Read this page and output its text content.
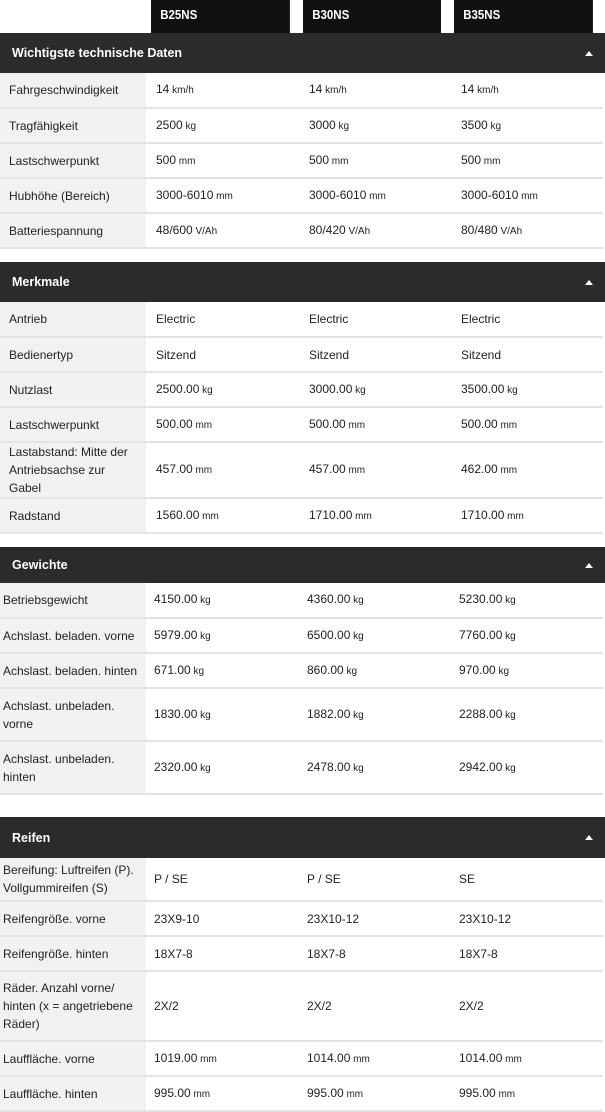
B25NS	B30NS	B35NS
Wichtigste technische Daten
Fahrgeschwindigkeit	14 km/h	14 km/h	14 km/h
Tragfähigkeit	2500 kg	3000 kg	3500 kg
Lastschwerpunkt	500 mm	500 mm	500 mm
Hubhöhe (Bereich)	3000-6010 mm	3000-6010 mm	3000-6010 mm
Batteriespannung	48/600 V/Ah	80/420 V/Ah	80/480 V/Ah
Merkmale
Antrieb	Electric	Electric	Electric
Bedienertyp	Sitzend	Sitzend	Sitzend
Nutzlast	2500.00 kg	3000.00 kg	3500.00 kg
Lastschwerpunkt	500.00 mm	500.00 mm	500.00 mm
Lastabstand: Mitte der Antriebsachse zur Gabel	457.00 mm	457.00 mm	462.00 mm
Radstand	1560.00 mm	1710.00 mm	1710.00 mm
Gewichte
Betriebsgewicht	4150.00 kg	4360.00 kg	5230.00 kg
Achslast. beladen. vorne	5979.00 kg	6500.00 kg	7760.00 kg
Achslast. beladen. hinten	671.00 kg	860.00 kg	970.00 kg
Achslast. unbeladen. vorne	1830.00 kg	1882.00 kg	2288.00 kg
Achslast. unbeladen. hinten	2320.00 kg	2478.00 kg	2942.00 kg
Reifen
Bereifung: Luftreifen (P). Vollgummireifen (S)	P / SE	P / SE	SE
Reifengröße. vorne	23X9-10	23X10-12	23X10-12
Reifengröße. hinten	18X7-8	18X7-8	18X7-8
Räder. Anzahl vorne/ hinten (x = angetriebene Räder)	2X/2	2X/2	2X/2
Lauffläche. vorne	1019.00 mm	1014.00 mm	1014.00 mm
Lauffläche. hinten	995.00 mm	995.00 mm	995.00 mm
